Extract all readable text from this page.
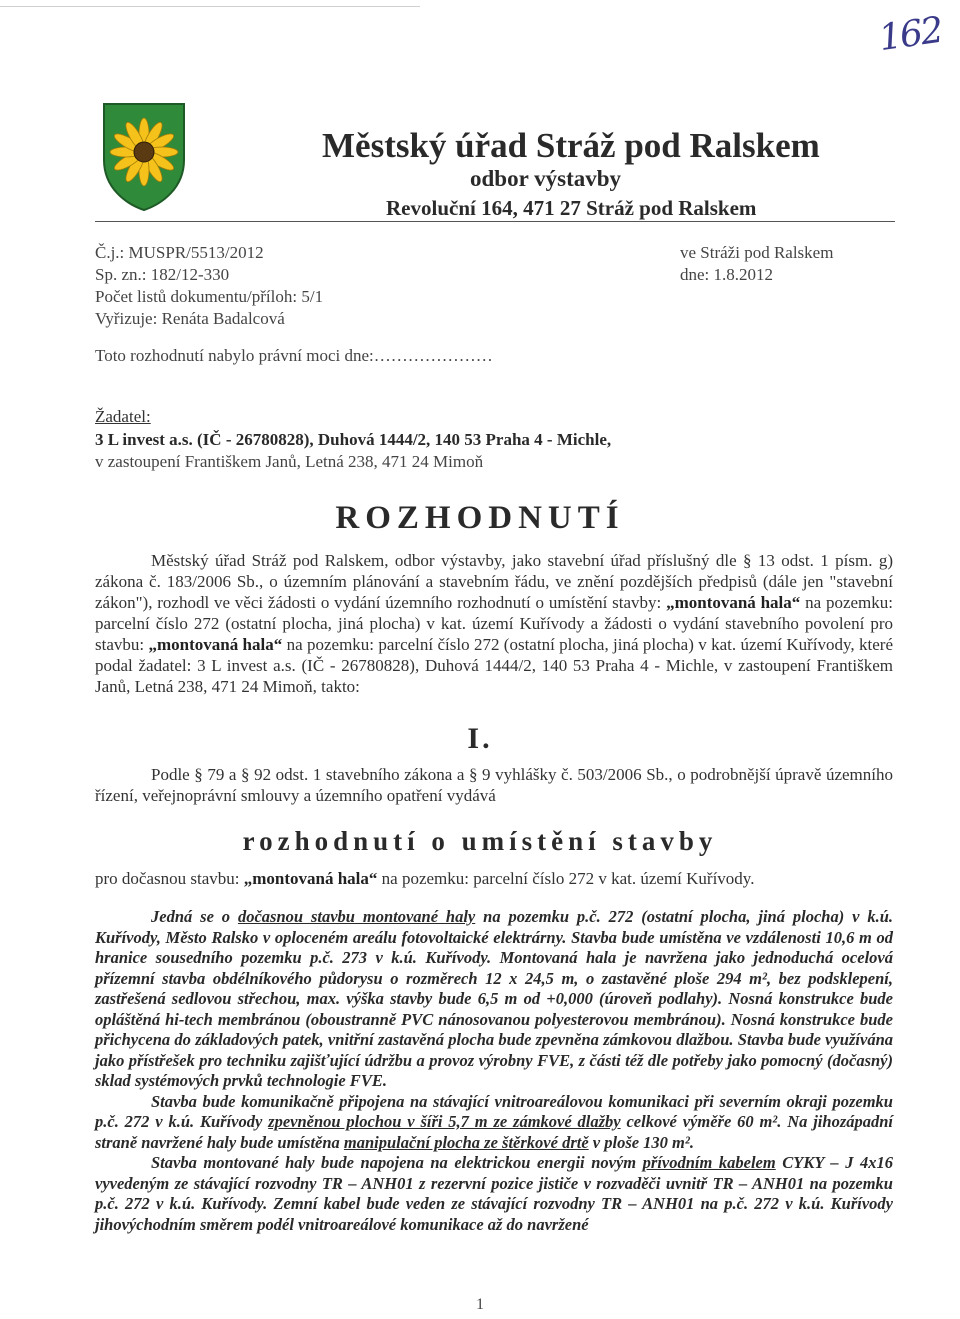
162
Městský úřad Stráž pod Ralskem
odbor výstavby
Revoluční 164, 471 27 Stráž pod Ralskem
Č.j.: MUSPR/5513/2012
Sp. zn.: 182/12-330
Počet listů dokumentu/příloh: 5/1
Vyřizuje: Renáta Badalcová
ve Stráži pod Ralskem
dne: 1.8.2012
Toto rozhodnutí nabylo právní moci dne:…………………
Žadatel:
3 L invest a.s. (IČ - 26780828), Duhová 1444/2, 140 53 Praha 4 - Michle,
v zastoupení Františkem Janů, Letná 238, 471 24 Mimoň
ROZHODNUTÍ
Městský úřad Stráž pod Ralskem, odbor výstavby, jako stavební úřad příslušný dle § 13 odst. 1 písm. g) zákona č. 183/2006 Sb., o územním plánování a stavebním řádu, ve znění pozdějších předpisů (dále jen "stavební zákon"), rozhodl ve věci žádosti o vydání územního rozhodnutí o umístění stavby: „montovaná hala“ na pozemku: parcelní číslo 272 (ostatní plocha, jiná plocha) v kat. území Kuřívody a žádosti o vydání stavebního povolení pro stavbu: „montovaná hala“ na pozemku: parcelní číslo 272 (ostatní plocha, jiná plocha) v kat. území Kuřívody, které podal žadatel: 3 L invest a.s. (IČ - 26780828), Duhová 1444/2, 140 53 Praha 4 - Michle, v zastoupení Františkem Janů, Letná 238, 471 24 Mimoň, takto:
I.
Podle § 79 a § 92 odst. 1 stavebního zákona a § 9 vyhlášky č. 503/2006 Sb., o podrobnější úpravě územního řízení, veřejnoprávní smlouvy a územního opatření vydává
rozhodnutí o umístění stavby
pro dočasnou stavbu: „montovaná hala“ na pozemku: parcelní číslo 272 v kat. území Kuřívody.

Jedná se o dočasnou stavbu montované haly na pozemku p.č. 272 (ostatní plocha, jiná plocha) v k.ú. Kuřívody, Město Ralsko v oploceném areálu fotovoltaické elektrárny. Stavba bude umístěna ve vzdálenosti 10,6 m od hranice sousedního pozemku p.č. 273 v k.ú. Kuřívody. Montovaná hala je navržena jako jednoduchá ocelová přízemní stavba obdélníkového půdorysu o rozměrech 12 x 24,5 m, o zastavěné ploše 294 m², bez podsklepení, zastřešená sedlovou střechou, max. výška stavby bude 6,5 m od +0,000 (úroveň podlahy). Nosná konstrukce bude opláštěná hi-tech membránou (oboustranně PVC nánosovanou polyesterovou membránou). Nosná konstrukce bude přichycena do základových patek, vnitřní zastavěná plocha bude zpevněna zámkovou dlažbou. Stavba bude využívána jako přístřešek pro techniku zajišťující údržbu a provoz výrobny FVE, z části též dle potřeby jako pomocný (dočasný) sklad systémových prvků technologie FVE.

Stavba bude komunikačně připojena na stávající vnitroareálovou komunikaci při severním okraji pozemku p.č. 272 v k.ú. Kuřívody zpevněnou plochou v šíři 5,7 m ze zámkové dlažby celkové výměře 60 m². Na jihozápadní straně navržené haly bude umístěna manipulační plocha ze štěrkové drtě v ploše 130 m².

Stavba montované haly bude napojena na elektrickou energii novým přívodním kabelem CYKY – J 4x16 vyvedeným ze stávající rozvodny TR – ANH01 z rezervní pozice jističe v rozvaděči uvnitř TR – ANH01 na pozemku p.č. 272 v k.ú. Kuřívody. Zemní kabel bude veden ze stávající rozvodny TR – ANH01 na p.č. 272 v k.ú. Kuřívody jihovýchodním směrem podél vnitroareálové komunikace až do navržené

1
